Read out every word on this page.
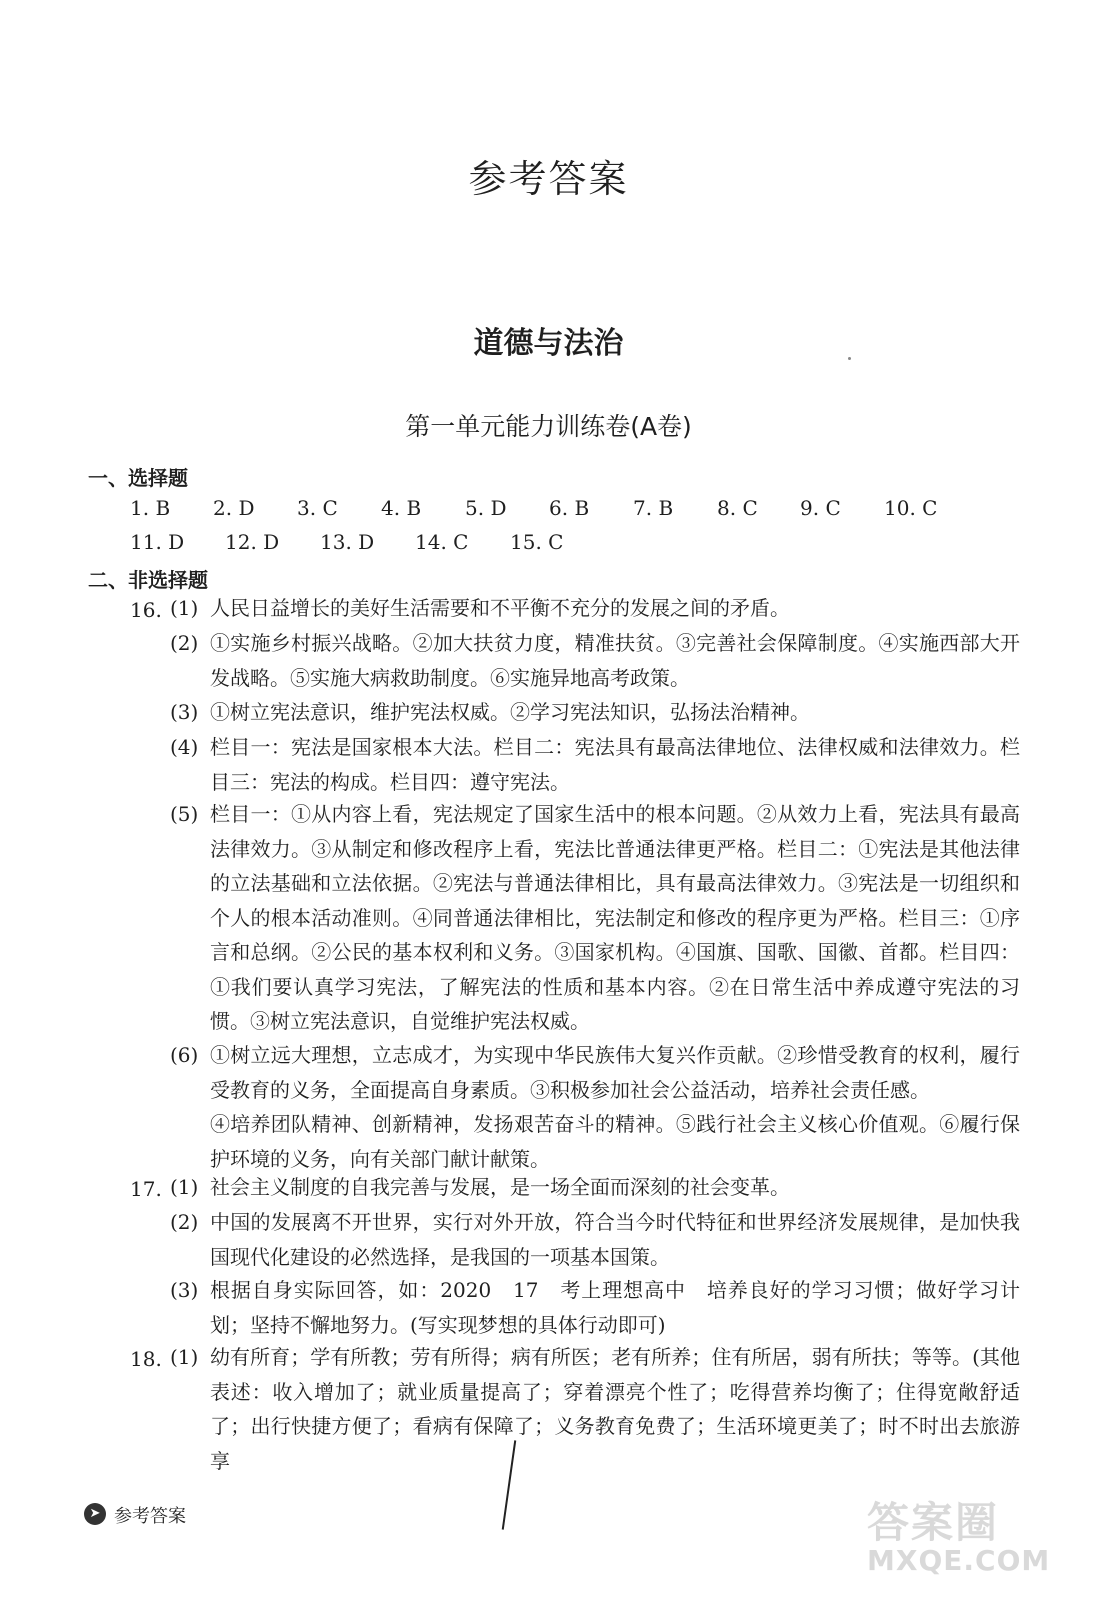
参考答案
道德与法治
第一单元能力训练卷(A卷)
一、选择题
1. B 2. D 3. C 4. B 5. D 6. B 7. B 8. C 9. C 10. C
11. D 12. D 13. D 14. C 15. C
二、非选择题
16. (1) 人民日益增长的美好生活需要和不平衡不充分的发展之间的矛盾。

(2) ①实施乡村振兴战略。②加大扶贫力度，精准扶贫。③完善社会保障制度。④实施西部大开发战略。⑤实施大病救助制度。⑥实施异地高考政策。

(3) ①树立宪法意识，维护宪法权威。②学习宪法知识，弘扬法治精神。

(4) 栏目一：宪法是国家根本大法。栏目二：宪法具有最高法律地位、法律权威和法律效力。栏目三：宪法的构成。栏目四：遵守宪法。

(5) 栏目一：①从内容上看，宪法规定了国家生活中的根本问题。②从效力上看，宪法具有最高法律效力。③从制定和修改程序上看，宪法比普通法律更严格。栏目二：①宪法是其他法律的立法基础和立法依据。②宪法与普通法律相比，具有最高法律效力。③宪法是一切组织和个人的根本活动准则。④同普通法律相比，宪法制定和修改的程序更为严格。栏目三：①序言和总纲。②公民的基本权利和义务。③国家机构。④国旗、国歌、国徽、首都。栏目四：①我们要认真学习宪法，了解宪法的性质和基本内容。②在日常生活中养成遵守宪法的习惯。③树立宪法意识，自觉维护宪法权威。

(6) ①树立远大理想，立志成才，为实现中华民族伟大复兴作贡献。②珍惜受教育的权利，履行受教育的义务，全面提高自身素质。③积极参加社会公益活动，培养社会责任感。

④培养团队精神、创新精神，发扬艰苦奋斗的精神。⑤践行社会主义核心价值观。⑥履行保护环境的义务，向有关部门献计献策。

17. (1) 社会主义制度的自我完善与发展，是一场全面而深刻的社会变革。

(2) 中国的发展离不开世界，实行对外开放，符合当今时代特征和世界经济发展规律，是加快我国现代化建设的必然选择，是我国的一项基本国策。

(3) 根据自身实际回答，如：2020　17　考上理想高中　培养良好的学习习惯；做好学习计划；坚持不懈地努力。(写实现梦想的具体行动即可)

18. (1) 幼有所育；学有所教；劳有所得；病有所医；老有所养；住有所居，弱有所扶；等等。(其他表述：收入增加了；就业质量提高了；穿着漂亮个性了；吃得营养均衡了；住得宽敞舒适了；出行快捷方便了；看病有保障了；义务教育免费了；生活环境更美了；时不时出去旅游享

➤ 参考答案	答案圈
MXQE.COM
